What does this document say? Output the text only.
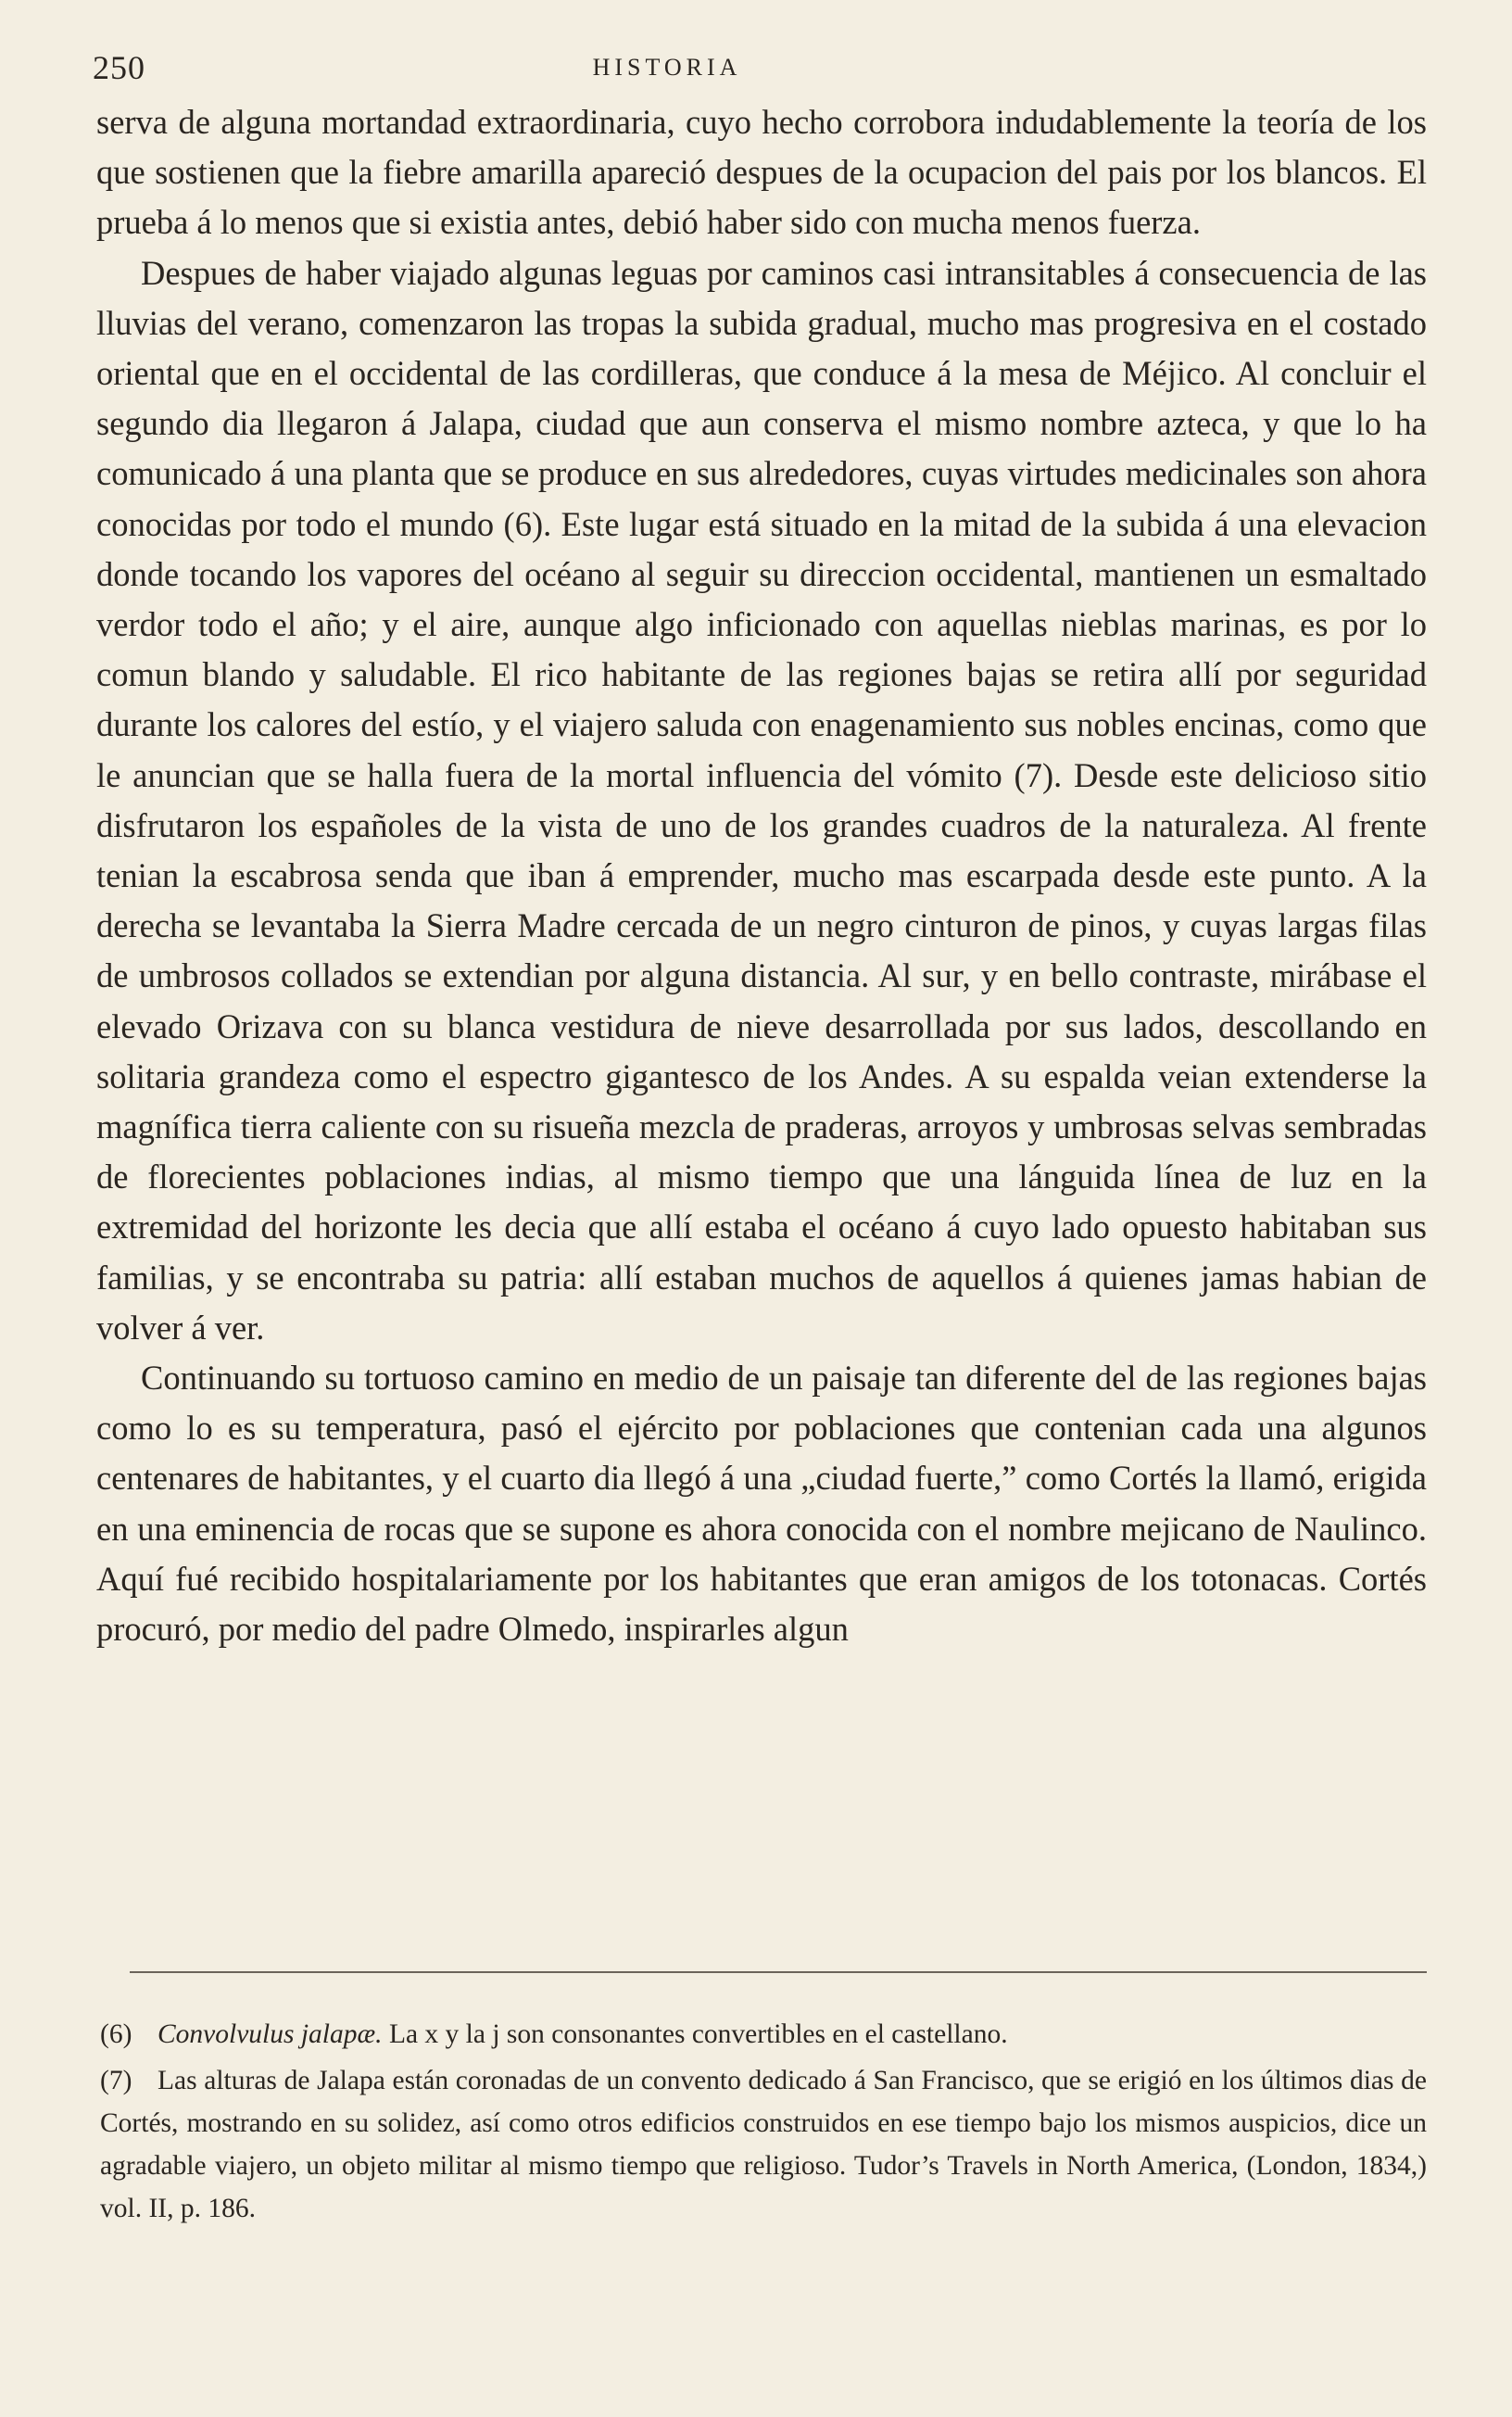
250	HISTORIA

serva de alguna mortandad extraordinaria, cuyo hecho corrobora indudablemente la teoría de los que sostienen que la fiebre amarilla apareció despues de la ocupacion del pais por los blancos. El prueba á lo menos que si existia antes, debió haber sido con mucha menos fuerza.

Despues de haber viajado algunas leguas por caminos casi intransitables á consecuencia de las lluvias del verano, comenzaron las tropas la subida gradual, mucho mas progresiva en el costado oriental que en el occidental de las cordilleras, que conduce á la mesa de Méjico. Al concluir el segundo dia llegaron á Jalapa, ciudad que aun conserva el mismo nombre azteca, y que lo ha comunicado á una planta que se produce en sus alrededores, cuyas virtudes medicinales son ahora conocidas por todo el mundo (6). Este lugar está situado en la mitad de la subida á una elevacion donde tocando los vapores del océano al seguir su direccion occidental, mantienen un esmaltado verdor todo el año; y el aire, aunque algo inficionado con aquellas nieblas marinas, es por lo comun blando y saludable. El rico habitante de las regiones bajas se retira allí por seguridad durante los calores del estío, y el viajero saluda con enagenamiento sus nobles encinas, como que le anuncian que se halla fuera de la mortal influencia del vómito (7). Desde este delicioso sitio disfrutaron los españoles de la vista de uno de los grandes cuadros de la naturaleza. Al frente tenian la escabrosa senda que iban á emprender, mucho mas escarpada desde este punto. A la derecha se levantaba la Sierra Madre cercada de un negro cinturon de pinos, y cuyas largas filas de umbrosos collados se extendian por alguna distancia. Al sur, y en bello contraste, mirábase el elevado Orizava con su blanca vestidura de nieve desarrollada por sus lados, descollando en solitaria grandeza como el espectro gigantesco de los Andes. A su espalda veian extenderse la magnífica tierra caliente con su risueña mezcla de praderas, arroyos y umbrosas selvas sembradas de florecientes poblaciones indias, al mismo tiempo que una lánguida línea de luz en la extremidad del horizonte les decia que allí estaba el océano á cuyo lado opuesto habitaban sus familias, y se encontraba su patria: allí estaban muchos de aquellos á quienes jamas habian de volver á ver.

Continuando su tortuoso camino en medio de un paisaje tan diferente del de las regiones bajas como lo es su temperatura, pasó el ejército por poblaciones que contenian cada una algunos centenares de habitantes, y el cuarto dia llegó á una „ciudad fuerte,” como Cortés la llamó, erigida en una eminencia de rocas que se supone es ahora conocida con el nombre mejicano de Naulinco. Aquí fué recibido hospitalariamente por los habitantes que eran amigos de los totonacas. Cortés procuró, por medio del padre Olmedo, inspirarles algun

(6) Convolvulus jalapæ. La x y la j son consonantes convertibles en el castellano.

(7) Las alturas de Jalapa están coronadas de un convento dedicado á San Francisco, que se erigió en los últimos dias de Cortés, mostrando en su solidez, así como otros edificios construidos en ese tiempo bajo los mismos auspicios, dice un agradable viajero, un objeto militar al mismo tiempo que religioso. Tudor’s Travels in North America, (London, 1834,) vol. II, p. 186.
